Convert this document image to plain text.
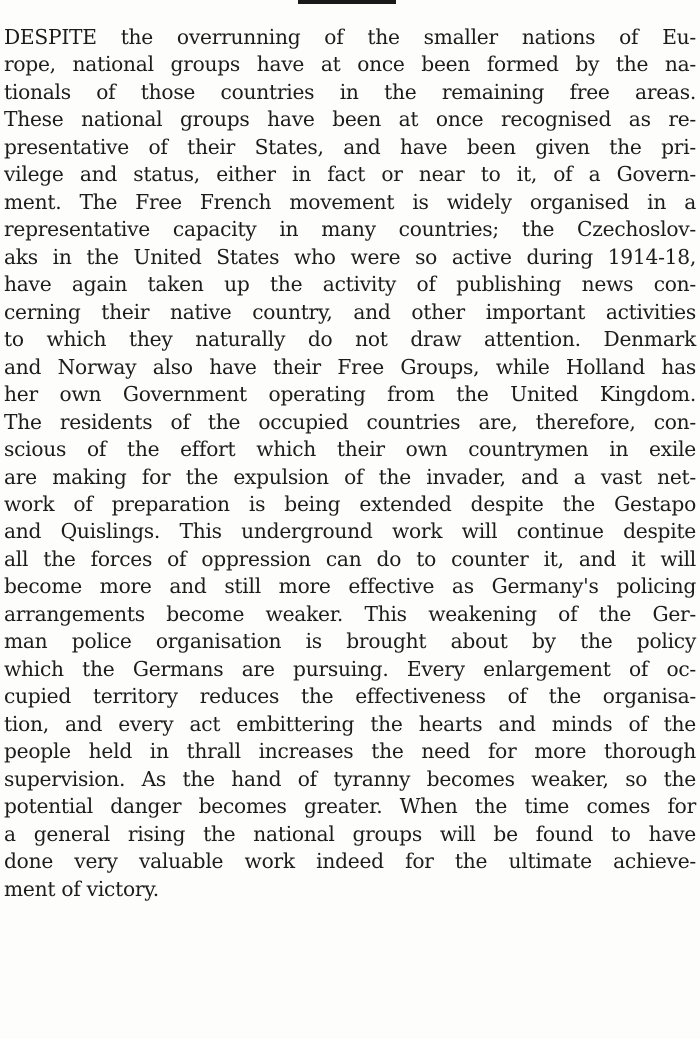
DESPITE the overrunning of the smaller nations of Eu-
rope, national groups have at once been formed by the na-
tionals of those countries in the remaining free areas.
These national groups have been at once recognised as re-
presentative of their States, and have been given the pri-
vilege and status, either in fact or near to it, of a Govern-
ment. The Free French movement is widely organised in a
representative capacity in many countries; the Czechoslov-
aks in the United States who were so active during 1914-18,
have again taken up the activity of publishing news con-
cerning their native country, and other important activities
to which they naturally do not draw attention. Denmark
and Norway also have their Free Groups, while Holland has
her own Government operating from the United Kingdom.
The residents of the occupied countries are, therefore, con-
scious of the effort which their own countrymen in exile
are making for the expulsion of the invader, and a vast net-
work of preparation is being extended despite the Gestapo
and Quislings. This underground work will continue despite
all the forces of oppression can do to counter it, and it will
become more and still more effective as Germany's policing
arrangements become weaker. This weakening of the Ger-
man police organisation is brought about by the policy
which the Germans are pursuing. Every enlargement of oc-
cupied territory reduces the effectiveness of the organisa-
tion, and every act embittering the hearts and minds of the
people held in thrall increases the need for more thorough
supervision. As the hand of tyranny becomes weaker, so the
potential danger becomes greater. When the time comes for
a general rising the national groups will be found to have
done very valuable work indeed for the ultimate achieve-
ment of victory.
